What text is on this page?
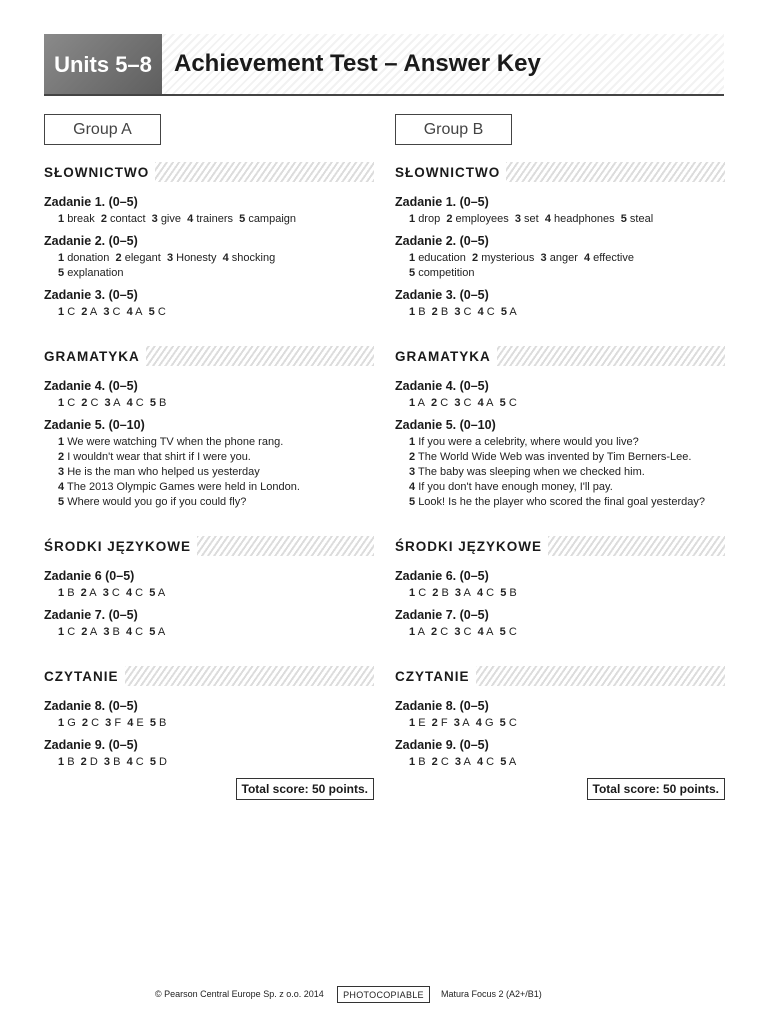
Units 5–8 Achievement Test – Answer Key
Group A
SŁOWNICTWO
Zadanie 1. (0–5)
1 break 2 contact 3 give 4 trainers 5 campaign
Zadanie 2. (0–5)
1 donation 2 elegant 3 Honesty 4 shocking
5 explanation
Zadanie 3. (0–5)
1 C 2 A 3 C 4 A 5 C
GRAMATYKA
Zadanie 4. (0–5)
1 C 2 C 3 A 4 C 5 B
Zadanie 5. (0–10)
1 We were watching TV when the phone rang.
2 I wouldn't wear that shirt if I were you.
3 He is the man who helped us yesterday
4 The 2013 Olympic Games were held in London.
5 Where would you go if you could fly?
ŚRODKI JĘZYKOWE
Zadanie 6 (0–5)
1 B 2 A 3 C 4 C 5 A
Zadanie 7. (0–5)
1 C 2 A 3 B 4 C 5 A
CZYTANIE
Zadanie 8. (0–5)
1 G 2 C 3 F 4 E 5 B
Zadanie 9. (0–5)
1 B 2 D 3 B 4 C 5 D
Total score: 50 points.
Group B
SŁOWNICTWO
Zadanie 1. (0–5)
1 drop 2 employees 3 set 4 headphones 5 steal
Zadanie 2. (0–5)
1 education 2 mysterious 3 anger 4 effective
5 competition
Zadanie 3. (0–5)
1 B 2 B 3 C 4 C 5 A
GRAMATYKA
Zadanie 4. (0–5)
1 A 2 C 3 C 4 A 5 C
Zadanie 5. (0–10)
1 If you were a celebrity, where would you live?
2 The World Wide Web was invented by Tim Berners-Lee.
3 The baby was sleeping when we checked him.
4 If you don't have enough money, I'll pay.
5 Look! Is he the player who scored the final goal yesterday?
ŚRODKI JĘZYKOWE
Zadanie 6. (0–5)
1 C 2 B 3 A 4 C 5 B
Zadanie 7. (0–5)
1 A 2 C 3 C 4 A 5 C
CZYTANIE
Zadanie 8. (0–5)
1 E 2 F 3 A 4 G 5 C
Zadanie 9. (0–5)
1 B 2 C 3 A 4 C 5 A
Total score: 50 points.
© Pearson Central Europe Sp. z o.o. 2014	PHOTOCOPIABLE	Matura Focus 2 (A2+/B1)
